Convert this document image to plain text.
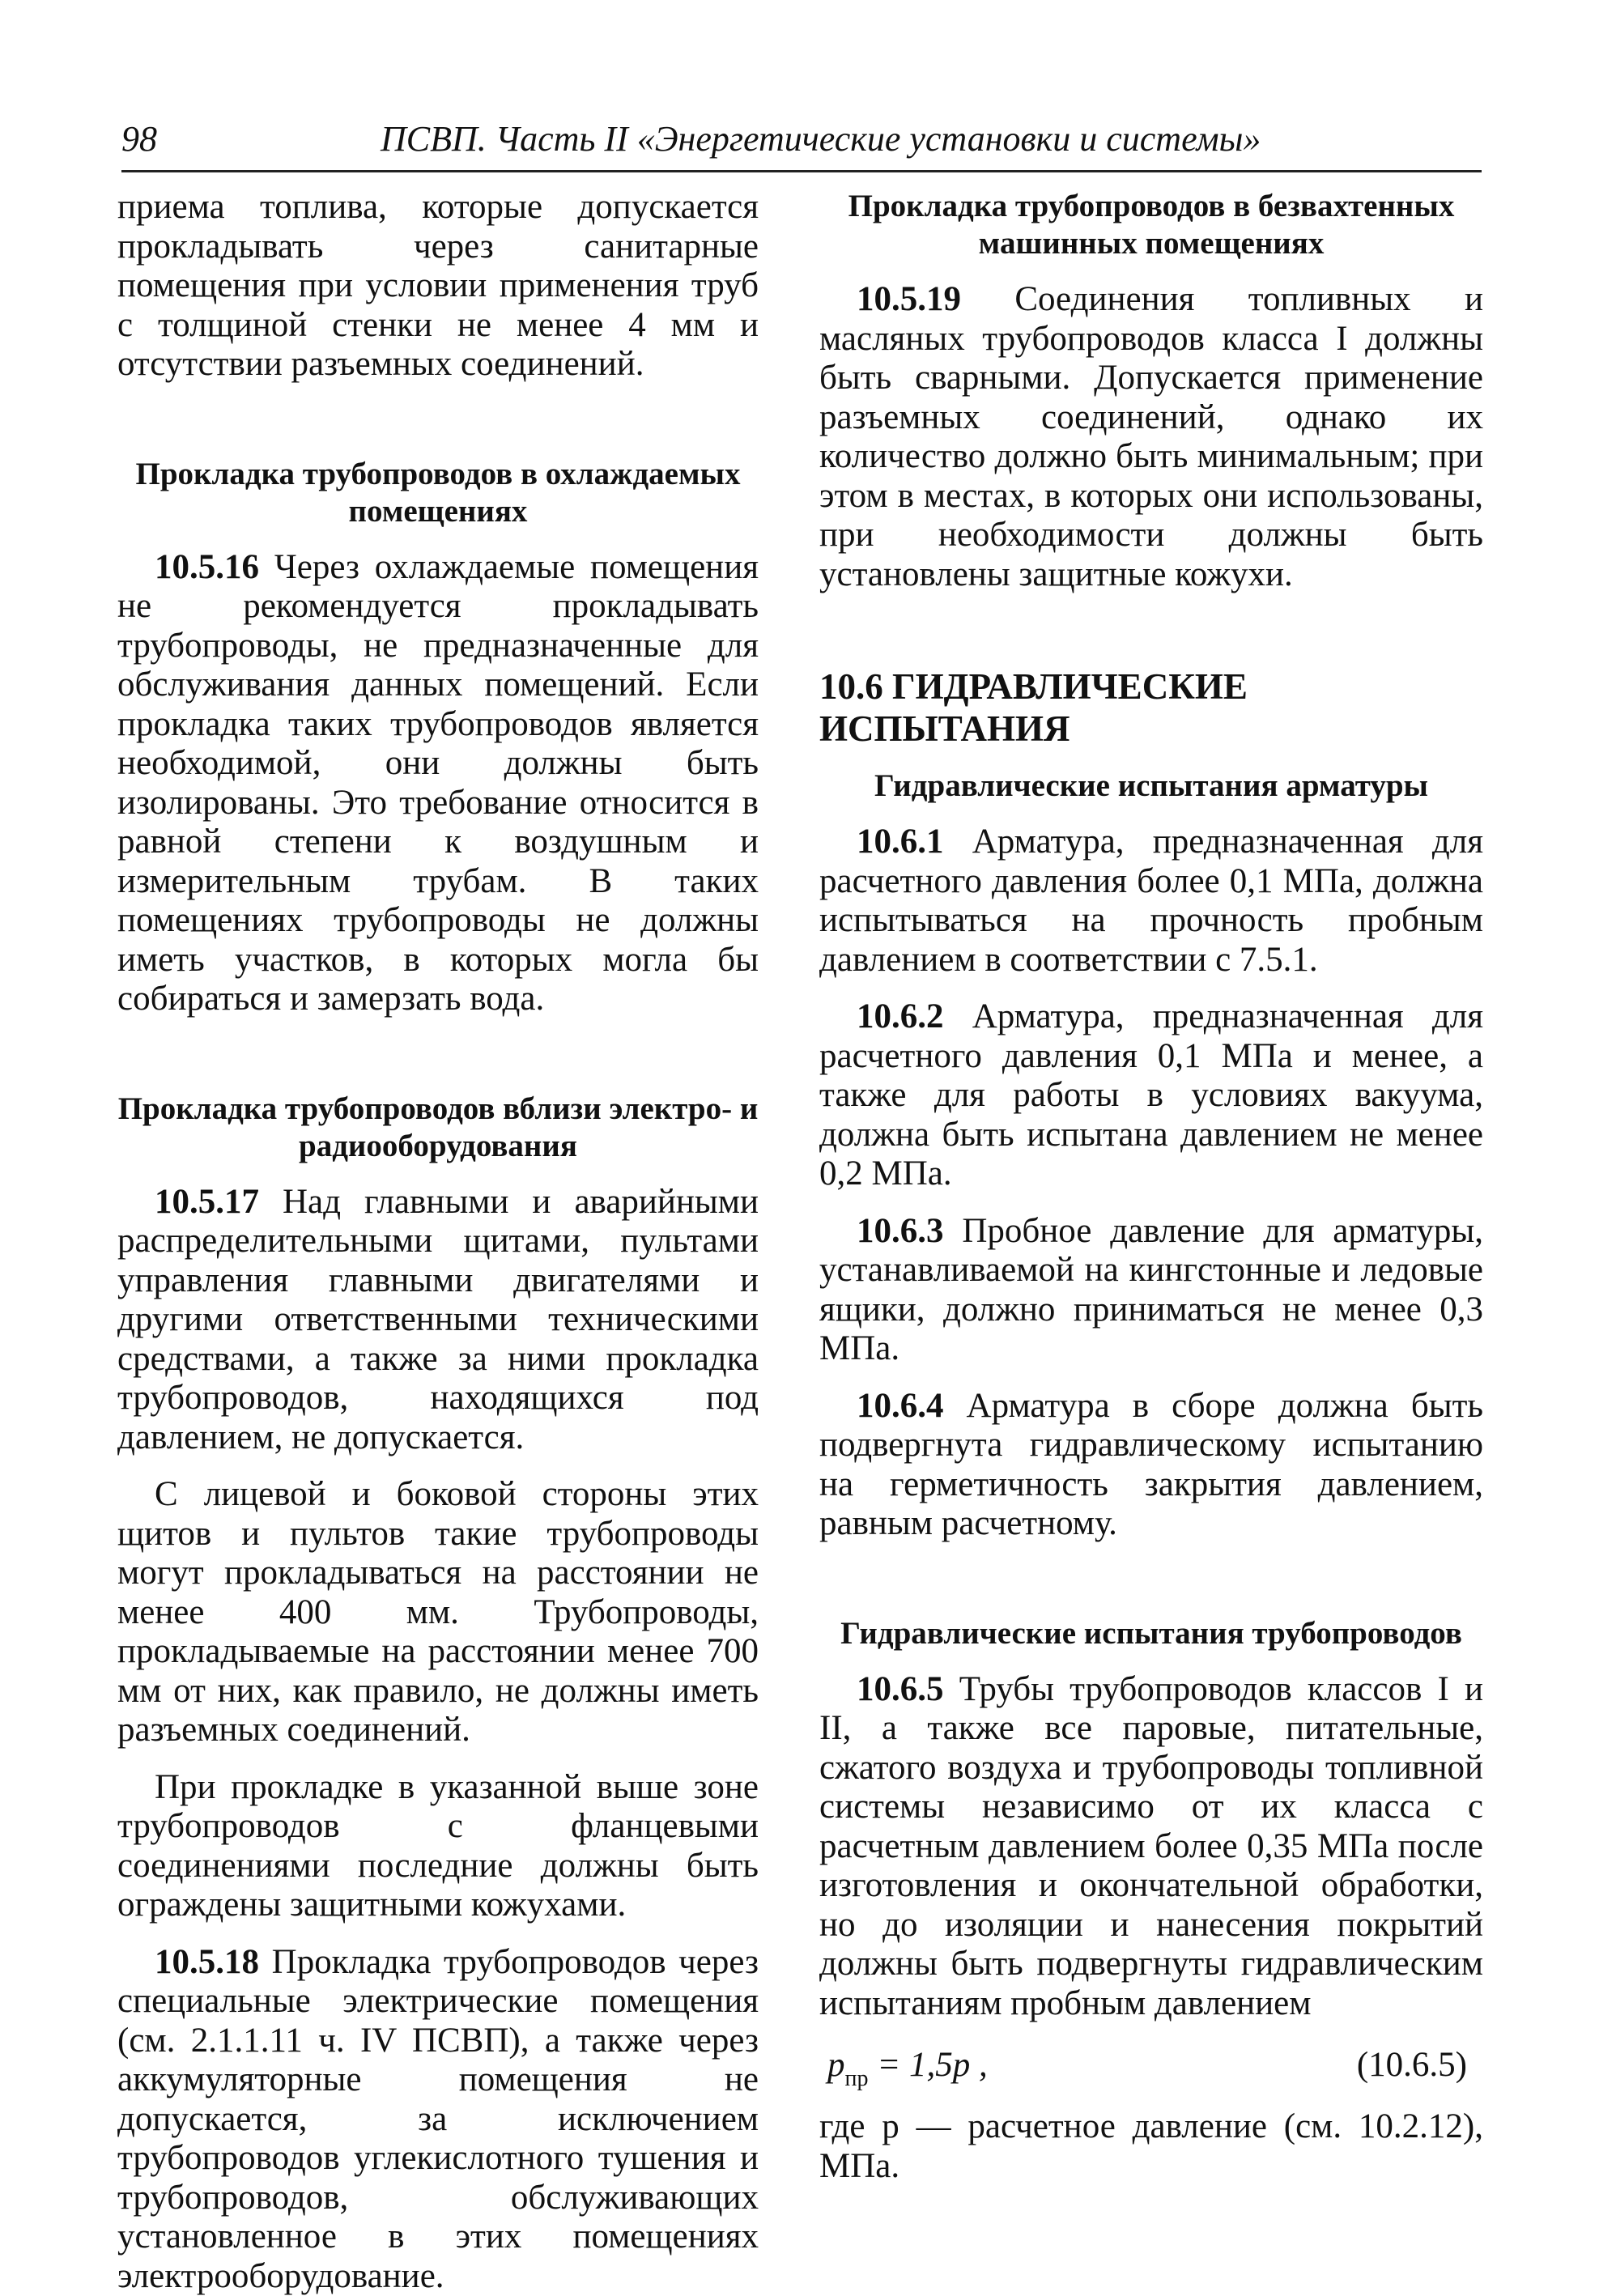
98	ПСВП. Часть II «Энергетические установки и системы»

приема топлива, которые допускается прокладывать через санитарные помещения при условии применения труб с толщиной стенки не менее 4 мм и отсутствии разъемных соединений.

Прокладка трубопроводов в охлаждаемых помещениях

10.5.16 Через охлаждаемые помещения не рекомендуется прокладывать трубопроводы, не предназначенные для обслуживания данных помещений. Если прокладка таких трубопроводов является необходимой, они должны быть изолированы. Это требование относится в равной степени к воздушным и измерительным трубам. В таких помещениях трубопроводы не должны иметь участков, в которых могла бы собираться и замерзать вода.

Прокладка трубопроводов вблизи электро- и радиооборудования

10.5.17 Над главными и аварийными распределительными щитами, пультами управления главными двигателями и другими ответственными техническими средствами, а также за ними прокладка трубопроводов, находящихся под давлением, не допускается.

С лицевой и боковой стороны этих щитов и пультов такие трубопроводы могут прокладываться на расстоянии не менее 400 мм. Трубопроводы, прокладываемые на расстоянии менее 700 мм от них, как правило, не должны иметь разъемных соединений.

При прокладке в указанной выше зоне трубопроводов с фланцевыми соединениями последние должны быть ограждены защитными кожухами.

10.5.18 Прокладка трубопроводов через специальные электрические помещения (см. 2.1.1.11 ч. IV ПСВП), а также через аккумуляторные помещения не допускается, за исключением трубопроводов углекислотного тушения и трубопроводов, обслуживающих установленное в этих помещениях электрооборудование.

Прокладка трубопроводов в безвахтенных машинных помещениях

10.5.19 Соединения топливных и масляных трубопроводов класса I должны быть сварными. Допускается применение разъемных соединений, однако их количество должно быть минимальным; при этом в местах, в которых они использованы, при необходимости должны быть установлены защитные кожухи.

10.6 ГИДРАВЛИЧЕСКИЕ ИСПЫТАНИЯ

Гидравлические испытания арматуры

10.6.1 Арматура, предназначенная для расчетного давления более 0,1 МПа, должна испытываться на прочность пробным давлением в соответствии с 7.5.1.

10.6.2 Арматура, предназначенная для расчетного давления 0,1 МПа и менее, а также для работы в условиях вакуума, должна быть испытана давлением не менее 0,2 МПа.

10.6.3 Пробное давление для арматуры, устанавливаемой на кингстонные и ледовые ящики, должно приниматься не менее 0,3 МПа.

10.6.4 Арматура в сборе должна быть подвергнута гидравлическому испытанию на герметичность закрытия давлением, равным расчетному.

Гидравлические испытания трубопроводов

10.6.5 Трубы трубопроводов классов I и II, а также все паровые, питательные, сжатого воздуха и трубопроводы топливной системы независимо от их класса с расчетным давлением более 0,35 МПа после изготовления и окончательной обработки, но до изоляции и нанесения покрытий должны быть подвергнуты гидравлическим испытаниям пробным давлением

$p_{пр} = 1,5p$ ,	(10.6.5)

где p — расчетное давление (см. 10.2.12), МПа.
